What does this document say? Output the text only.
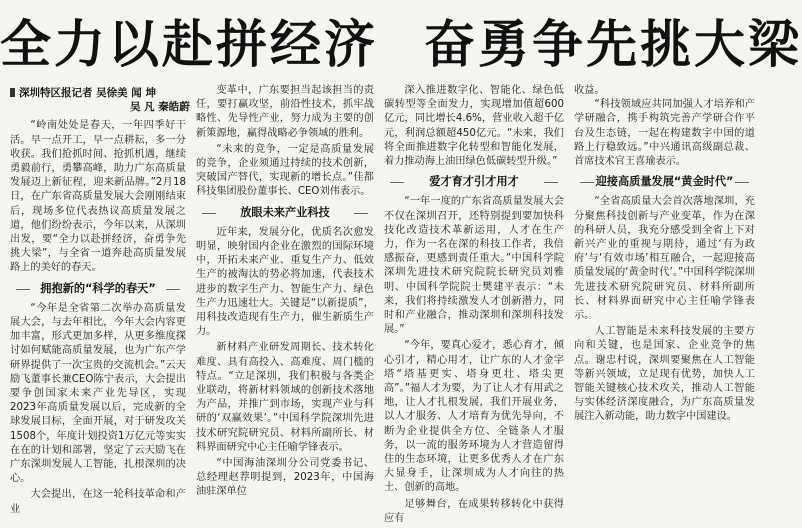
全力以赴拼经济 奋勇争先挑大梁
深圳特区报记者 吴徐美 闻 坤
吴 凡 秦皓蔚

“岭南处处是春天，一年四季好干活。早一点开工，早一点耕耘，多一分收获。我们抢抓时间、抢抓机遇，继续勇毅前行，勇攀高峰，助力广东高质量发展迈上新征程，迎来新品牌。”2月18日，在广东省高质量发展大会刚刚结束后，现场多位代表热议高质量发展之道，他们纷纷表示，今年以来，从深圳出发，要“全力以赴拼经济，奋勇争先挑大梁”，与全省一道奔赴高质量发展路上的美好的春天。

拥抱新的“科学的春天”

“今年是全省第二次举办高质量发展大会，与去年相比，今年大会内容更加丰富，形式更加多样，从更多维度探讨如何赋能高质量发展，也为广东产学研界提供了一次宝贵的交流机会。”云天励飞董事长兼CEO陈宁表示，大会提出要争创国家未来产业先导区，实现2023年高质量发展以后，完成新的全球发展目标，全面开展，对于研发攻关1508个，年度计划投资1万亿元等实实在在的计划和部署，坚定了云天励飞在广东深圳发展人工智能，扎根深圳的决心。

大会提出，在这一轮科技革命和产业

变革中，广东要担当起该担当的责任，要打赢攻坚，前沿性技术，抓牢战略性、先导性产业，努力成为主要的创新策源地，赢得战略必争领域的胜利。

“未来的竞争，一定是高质量发展的竞争，企业须通过持续的技术创新，突破国产替代，实现新的增长点。”佳都科技集团股份董事长、CEO刘伟表示。

放眼未来产业科技

近年来，发展分化，优质名次愈发明显，映射国内企业在激烈的国际环境中，开拓未来产业、重复生产力、低效生产的被淘汰的势必将加速，代表技术进步的数字生产力、智能生产力、绿色生产力迅速壮大。关键是“以新提质”，用科技改造现有生产力，催生新质生产力。

新材料产业研发周期长、技术转化难度、具有高投入、高难度、周门槛的特点。“立足深圳，我们积极与各类企业联动，将新材料领域的创新技术落地为产品，并推广到市场，实现产业与科研的‘双赢效果’。”中国科学院深圳先进技术研究院研究员、材料所副所长、材料界面研究中心主任喻学锋表示。

“中国海油深圳分公司党委书记、总经理赵荐明提到，2023年，中国海油驻深单位

深入推进数字化、智能化、绿色低碳转型等全面发力，实现增加值超600亿元，同比增长4.6%，营业收入超千亿元，利润总额超450亿元。“未来，我们将全面推进数字化转型和智能化发展，着力推动海上油田绿色低碳转型升级。”

爱才育才引才用才

“一年一度的广东省高质量发展大会不仅在深圳召开，还特别提到要加快科技化改造技术革新运用，人才在生产力，作为一名在深的科技工作者，我倍感振奋，更感到责任重大。”中国科学院深圳先进技术研究院院长研究员刘雅明、中国科学院院士樊建平表示：“未来，我们将持续激发人才创新潜力，同时和产业融合，推动深圳和深圳科技发展。”

“今年，要真心爱才，悉心育才，倾心引才，精心用才，让广东的人才金字塔“塔基更实、塔身更壮、塔尖更高”。”福人才为要，为了让人才有用武之地，让人才扎根发展，我们开展业务，以人才服务、人才培育为优先导向，不断为企业提供全方位、全链条人才服务，以一流的服务环境为人才营造留得住的生态环境，让更多优秀人才在广东大显身手，让深圳成为人才向往的热土、创新的高地。

足够舞台，在成果转移转化中获得应有

收益。

“科技领域应共同加强人才培养和产学研融合，携手构筑完善产学研合作平台及生态链，一起在构建数字中国的道路上行稳致远。”中兴通讯高级副总裁、首席技术官王喜瑜表示。

迎接高质量发展“黄金时代”

“全省高质量大会首次落地深圳，充分聚焦科技创新与产业变革，作为在深的科研人员，我充分感受到全省上下对新兴产业的重视与期待，通过‘有为政府’与‘有效市场’相互融合，一起迎接高质量发展的‘黄金时代’。”中国科学院深圳先进技术研究院研究员、材料所副所长、材料界面研究中心主任喻学锋表示。

人工智能是未来科技发展的主要方向和关键，也是国家、企业竞争的焦点。谢忠村说，深圳要聚焦在人工智能等新兴领域，立足现有优势，加快人工智能关键核心技术攻关，推动人工智能与实体经济深度融合，为广东高质量发展注入新动能，助力数字中国建设。
